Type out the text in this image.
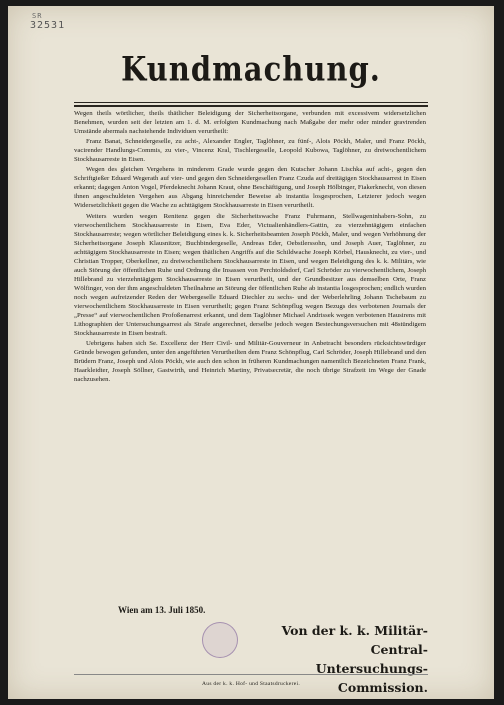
SR
32531
Kundmachung.

Wegen theils wörtlicher, theils thätlicher Beleidigung der Sicherheitsorgane, verbunden mit excessivem widersetzlichen Benehmen, wurden seit der letzten am 1. d. M. erfolgten Kundmachung nach Maßgabe der mehr oder minder gravirenden Umstände abermals nachstehende Individuen verurtheilt:

Franz Banat, Schneidergeselle, zu acht-, Alexander Engler, Taglöhner, zu fünf-, Alois Pöckh, Maler, und Franz Pöckh, vacirender Handlungs-Commis, zu vier-, Vincenz Kral, Tischlergeselle, Leopold Kubowa, Taglöhner, zu dreiwochentlichem Stockhausarreste in Eisen.

Wegen des gleichen Vergehens in minderem Grade wurde gegen den Kutscher Johann Lischka auf acht-, gegen den Schriftgießer Eduard Wegerath auf vier- und gegen den Schneidergesellen Franz Czuda auf dreitägigen Stockhausarrest in Eisen erkannt; dagegen Anton Vogel, Pferdeknecht Johann Kraut, ohne Beschäftigung, und Joseph Hölbinger, Fiakerknecht, von diesen ihnen angeschuldeten Vergehen aus Abgang hinreichender Beweise ab instantia losgesprochen, Letzterer jedoch wegen Widersetzlichkeit gegen die Wache zu achttägigem Stockhausarreste in Eisen verurtheilt.

Weiters wurden wegen Renitenz gegen die Sicherheitswache Franz Fuhrmann, Stellwageninhabers-Sohn, zu vierwochentlichem Stockhausarreste in Eisen, Eva Eder, Victualienhändlers-Gattin, zu vierzehntägigem einfachen Stockhausarreste; wegen wörtlicher Beleidigung eines k. k. Sicherheitsbeamten Joseph Pöckh, Maler, und wegen Verhöhnung der Sicherheitsorgane Joseph Klausnitzer, Buchbindergeselle, Andreas Eder, Oebstlerssohn, und Joseph Auer, Taglöhner, zu achttägigem Stockhausarreste in Eisen; wegen thätlichen Angriffs auf die Schildwache Joseph Körbel, Hausknecht, zu vier-, und Christian Tropper, Oberkellner, zu dreiwochentlichem Stockhausarreste in Eisen, und wegen Beleidigung des k. k. Militärs, wie auch Störung der öffentlichen Ruhe und Ordnung die Insassen von Perchtoldsdorf, Carl Schröder zu vierwochentlichem, Joseph Hillebrand zu vierzehntägigem Stockhausarreste in Eisen verurtheilt, und der Grundbesitzer aus demselben Orte, Franz Wölfinger, von der ihm angeschuldeten Theilnahme an Störung der öffentlichen Ruhe ab instantia losgesprochen; endlich wurden noch wegen aufreizender Reden der Webergeselle Eduard Diechler zu sechs- und der Weberlehrling Johann Tschebaum zu vierwochentlichem Stockhausarreste in Eisen verurtheilt; gegen Franz Schönpflug wegen Bezugs des verbotenen Journals der „Presse“ auf vierwochentlichen Profoßenarrest erkannt, und dem Taglöhner Michael Andrissek wegen verbotenen Hausirens mit Lithographien der Untersuchungsarrest als Strafe angerechnet, derselbe jedoch wegen Bestechungsversuchen mit 48stündigem Stockhausarreste in Eisen bestraft.

Uebrigens haben sich Se. Excellenz der Herr Civil- und Militär-Gouverneur in Anbetracht besonders rücksichtswürdiger Gründe bewogen gefunden, unter den angeführten Verurtheilten dem Franz Schönpflug, Carl Schröder, Joseph Hillebrand und den Brüdern Franz, Joseph und Alois Pöckh, wie auch den schon in früheren Kundmachungen namentlich Bezeichneten Franz Frank, Haarkleidter, Joseph Söllner, Gastwirth, und Heinrich Martiny, Privatsecretär, die noch übrige Strafzeit im Wege der Gnade nachzusehen.

Wien am 13. Juli 1850.
Von der k. k. Militär-Central-
Untersuchungs-Commission.
Aus der k. k. Hof- und Staatsdruckerei.
